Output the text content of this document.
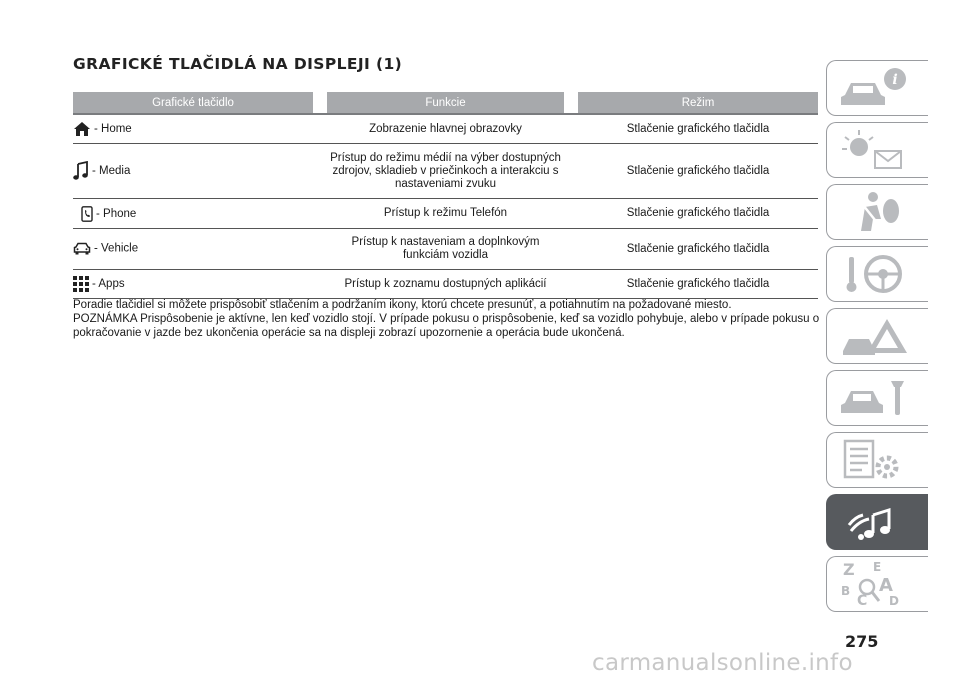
GRAFICKÉ TLAČIDLÁ NA DISPLEJI (1)
Grafické tlačidlo		Funkcie		Režim

- Home		Zobrazenie hlavnej obrazovky		Stlačenie grafického tlačidla

- Media		Prístup do režimu médií na výber dostupných zdrojov, skladieb v priečinkoch a interakciu s nastaveniami zvuku		Stlačenie grafického tlačidla

- Phone		Prístup k režimu Telefón		Stlačenie grafického tlačidla

- Vehicle		Prístup k nastaveniam a doplnkovým funkciám vozidla		Stlačenie grafického tlačidla

- Apps		Prístup k zoznamu dostupných aplikácií		Stlačenie grafického tlačidla

Poradie tlačidiel si môžete prispôsobiť stlačením a podržaním ikony, ktorú chcete presunúť, a potiahnutím na požadované miesto.

POZNÁMKA Prispôsobenie je aktívne, len keď vozidlo stojí. V prípade pokusu o prispôsobenie, keď sa vozidlo pohybuje, alebo v prípade pokusu o pokračovanie v jazde bez ukončenia operácie sa na displeji zobrazí upozornenie a operácia bude ukončená.

i
Z E
B A
C D
275
carmanualsonline.info
